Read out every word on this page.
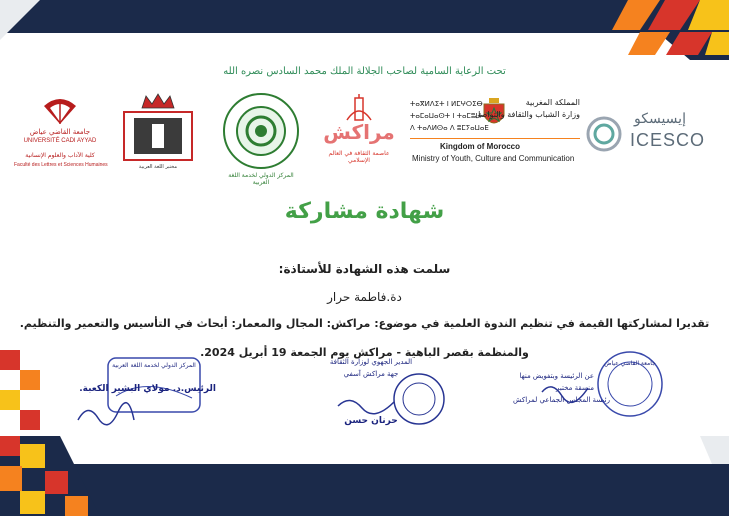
تحت الرعاية السامية لصاحب الجلالة الملك محمد السادس نصره الله
إيسيسكو
ICESCO
ⵜⴰⴳⵍⴷⵉⵜ ⵏ ⵍⵎⵖⵔⵉⴱ
ⵜⴰⵎⴰⵡⴰⵙⵜ ⵏ ⵜⴰⵎⵓⵏⵜ
ⴷ ⵜⴰⴷⵍⵙⴰ ⴷ ⵓⵎⵢⴰⵡⴰⴹ
المملكة المغربية
وزارة الشباب والثقافة والتواصل
Kingdom of Morocco
Ministry of Youth, Culture and Communication
مراكش
عاصمة الثقافة في العالم الإسلامي
المركز الدولي لخدمة اللغة العربية
مختبر اللغة العربية
جامعة القاضي عياض
UNIVERSITÉ CADI AYYAD
كلية الآداب والعلوم الإنسانية
Faculté des Lettres et Sciences Humaines
شهادة مشاركة
سلمت هذه الشهادة للأستاذة:
دة.فاطمة حرار
تقديرا لمشاركتها القيمة في تنظيم الندوة العلمية في موضوع: مراكش: المجال والمعمار: أبحاث في التأسيس والتعمير والتنظيم.
والمنظمة بقصر الباهية - مراكش يوم الجمعة 19 أبريل 2024.
المركز الدولي لخدمة اللغة العربية
الرئيس.د. مولاي البشير الكعبة.
المدير الجهوي لوزارة الثقافة
جهة مراكش آسفي
حرنان حسن
عن الرئيسة وبتفويض منها
منسقة مختبر
رئيسة المجلس الجماعي لمراكش
جامعة القاضي عياض
